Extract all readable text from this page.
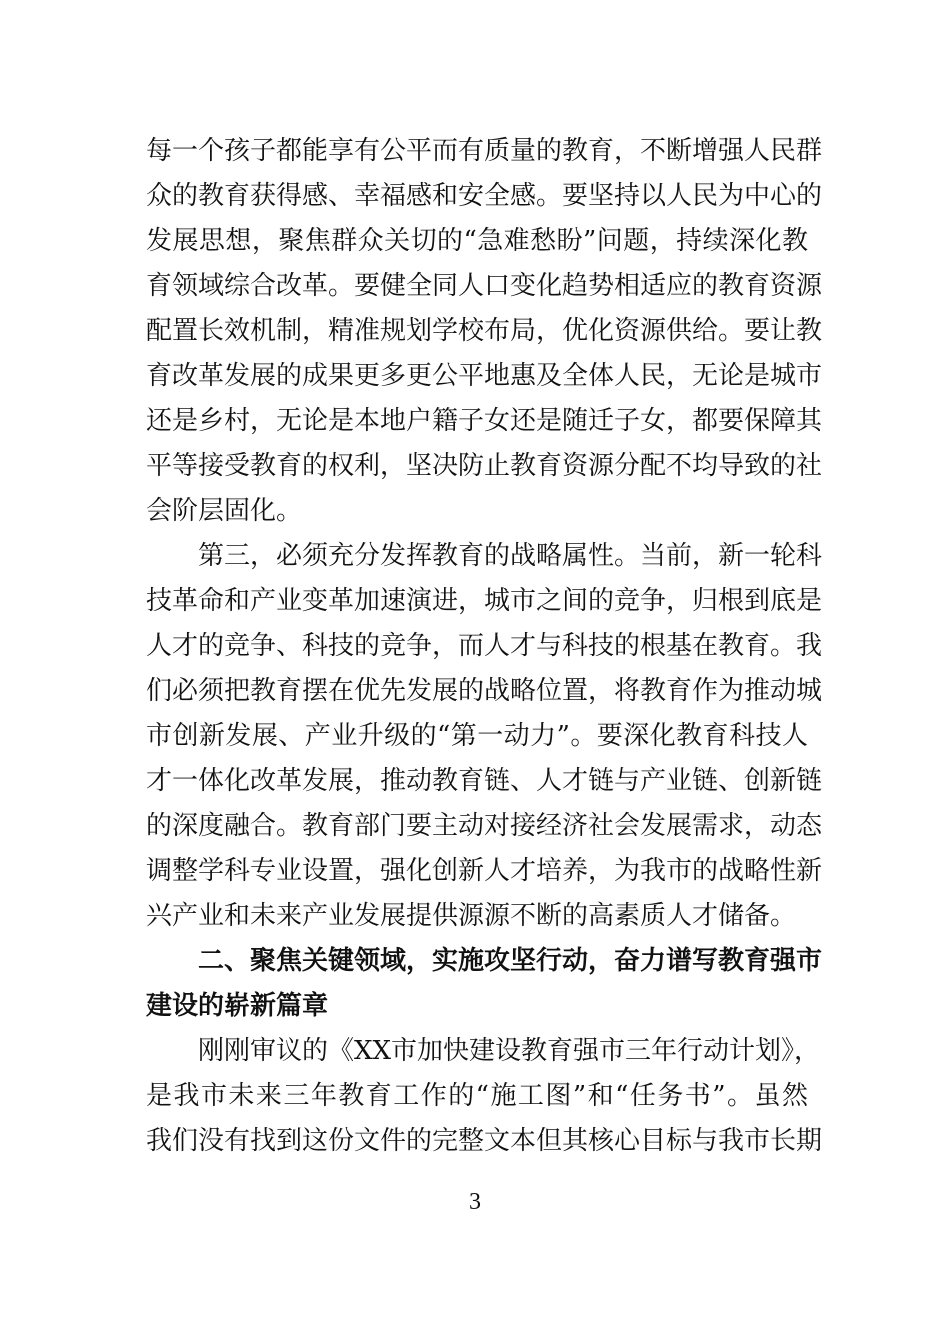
每一个孩子都能享有公平而有质量的教育，不断增强人民群
众的教育获得感、幸福感和安全感。要坚持以人民为中心的
发展思想，聚焦群众关切的“急难愁盼”问题，持续深化教
育领域综合改革。要健全同人口变化趋势相适应的教育资源
配置长效机制，精准规划学校布局，优化资源供给。要让教
育改革发展的成果更多更公平地惠及全体人民，无论是城市
还是乡村，无论是本地户籍子女还是随迁子女，都要保障其
平等接受教育的权利，坚决防止教育资源分配不均导致的社
会阶层固化。
第三，必须充分发挥教育的战略属性。当前，新一轮科
技革命和产业变革加速演进，城市之间的竞争，归根到底是
人才的竞争、科技的竞争，而人才与科技的根基在教育。我
们必须把教育摆在优先发展的战略位置，将教育作为推动城
市创新发展、产业升级的“第一动力”。要深化教育科技人
才一体化改革发展，推动教育链、人才链与产业链、创新链
的深度融合。教育部门要主动对接经济社会发展需求，动态
调整学科专业设置，强化创新人才培养，为我市的战略性新
兴产业和未来产业发展提供源源不断的高素质人才储备。
二、聚焦关键领域，实施攻坚行动，奋力谱写教育强市
建设的崭新篇章
刚刚审议的《XX市加快建设教育强市三年行动计划》，
是我市未来三年教育工作的“施工图”和“任务书”。虽然
我们没有找到这份文件的完整文本但其核心目标与我市长期
3
